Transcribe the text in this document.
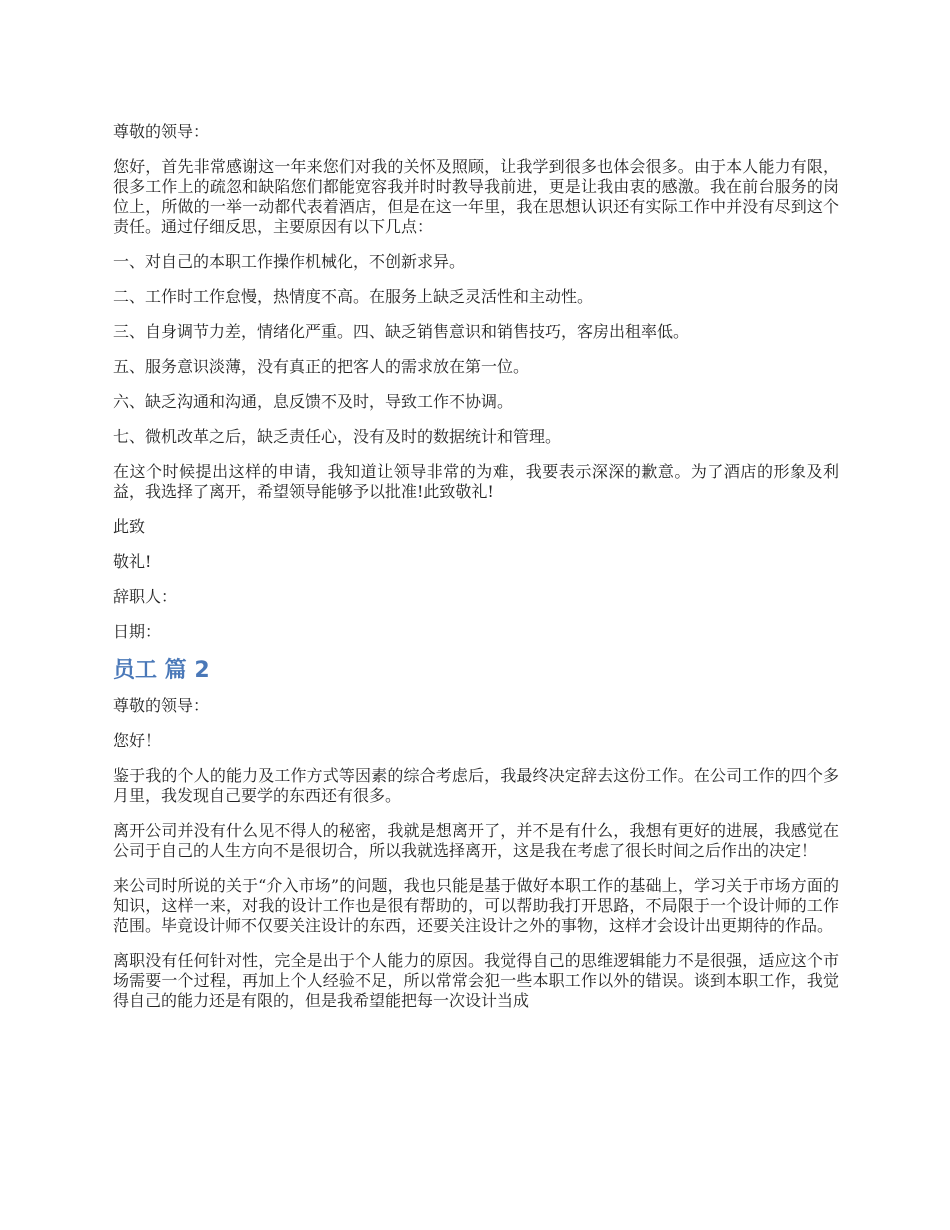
尊敬的领导：

您好，首先非常感谢这一年来您们对我的关怀及照顾，让我学到很多也体会很多。由于本人能力有限，很多工作上的疏忽和缺陷您们都能宽容我并时时教导我前进，更是让我由衷的感激。我在前台服务的岗位上，所做的一举一动都代表着酒店，但是在这一年里，我在思想认识还有实际工作中并没有尽到这个责任。通过仔细反思，主要原因有以下几点：

一、对自己的本职工作操作机械化，不创新求异。

二、工作时工作怠慢，热情度不高。在服务上缺乏灵活性和主动性。

三、自身调节力差，情绪化严重。四、缺乏销售意识和销售技巧，客房出租率低。

五、服务意识淡薄，没有真正的把客人的需求放在第一位。

六、缺乏沟通和沟通，息反馈不及时，导致工作不协调。

七、微机改革之后，缺乏责任心，没有及时的数据统计和管理。

在这个时候提出这样的申请，我知道让领导非常的为难，我要表示深深的歉意。为了酒店的形象及利益，我选择了离开，希望领导能够予以批准!此致敬礼!

此致

敬礼!

辞职人：

日期：

员工 篇 2

尊敬的领导：

您好！

鉴于我的个人的能力及工作方式等因素的综合考虑后，我最终决定辞去这份工作。在公司工作的四个多月里，我发现自己要学的东西还有很多。

离开公司并没有什么见不得人的秘密，我就是想离开了，并不是有什么，我想有更好的进展，我感觉在公司于自己的人生方向不是很切合，所以我就选择离开，这是我在考虑了很长时间之后作出的决定！

来公司时所说的关于“介入市场”的问题，我也只能是基于做好本职工作的基础上，学习关于市场方面的知识，这样一来，对我的设计工作也是很有帮助的，可以帮助我打开思路，不局限于一个设计师的工作范围。毕竟设计师不仅要关注设计的东西，还要关注设计之外的事物，这样才会设计出更期待的作品。

离职没有任何针对性，完全是出于个人能力的原因。我觉得自己的思维逻辑能力不是很强，适应这个市场需要一个过程，再加上个人经验不足，所以常常会犯一些本职工作以外的错误。谈到本职工作，我觉得自己的能力还是有限的，但是我希望能把每一次设计当成
